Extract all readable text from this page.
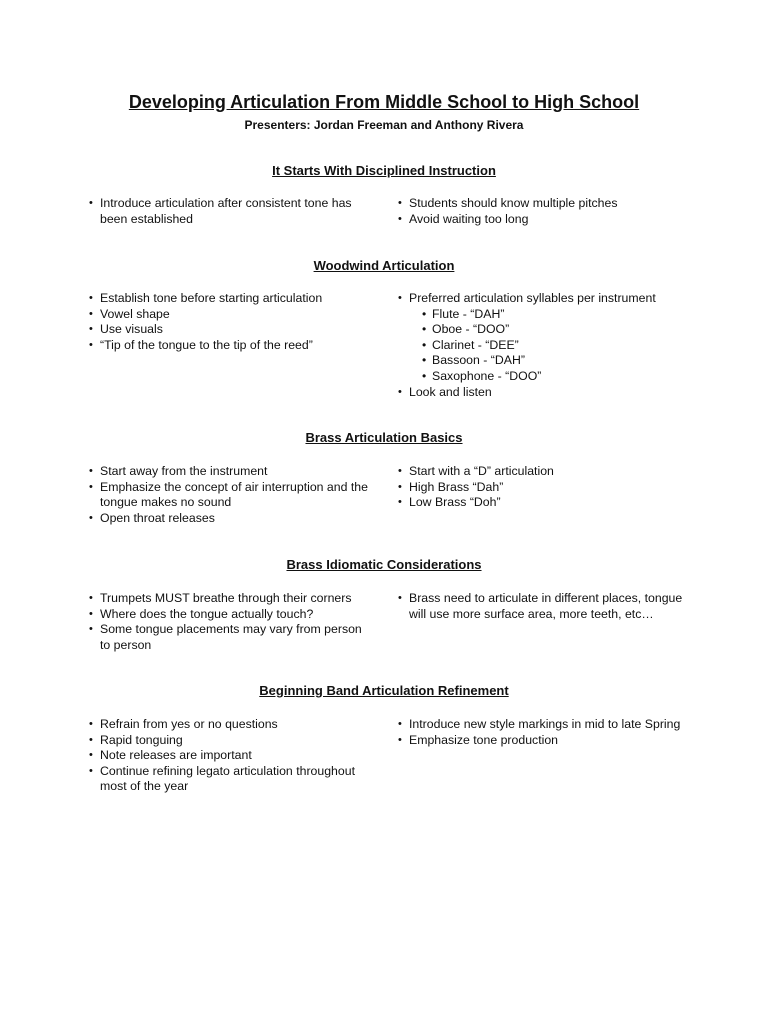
Developing Articulation From Middle School to High School

Presenters: Jordan Freeman and Anthony Rivera

It Starts With Disciplined Instruction
• Introduce articulation after consistent tone has been established
• Students should know multiple pitches
• Avoid waiting too long
Woodwind Articulation
• Establish tone before starting articulation
• Vowel shape
• Use visuals
• “Tip of the tongue to the tip of the reed”
• Preferred articulation syllables per instrument
• Flute - “DAH”
• Oboe - “DOO”
• Clarinet - “DEE”
• Bassoon - “DAH”
• Saxophone - “DOO”
• Look and listen
Brass Articulation Basics
• Start away from the instrument
• Emphasize the concept of air interruption and the tongue makes no sound
• Open throat releases
• Start with a “D” articulation
• High Brass “Dah”
• Low Brass “Doh”
Brass Idiomatic Considerations
• Trumpets MUST breathe through their corners
• Where does the tongue actually touch?
• Some tongue placements may vary from person to person
• Brass need to articulate in different places, tongue will use more surface area, more teeth, etc…
Beginning Band Articulation Refinement
• Refrain from yes or no questions
• Rapid tonguing
• Note releases are important
• Continue refining legato articulation throughout most of the year
• Introduce new style markings in mid to late Spring
• Emphasize tone production
